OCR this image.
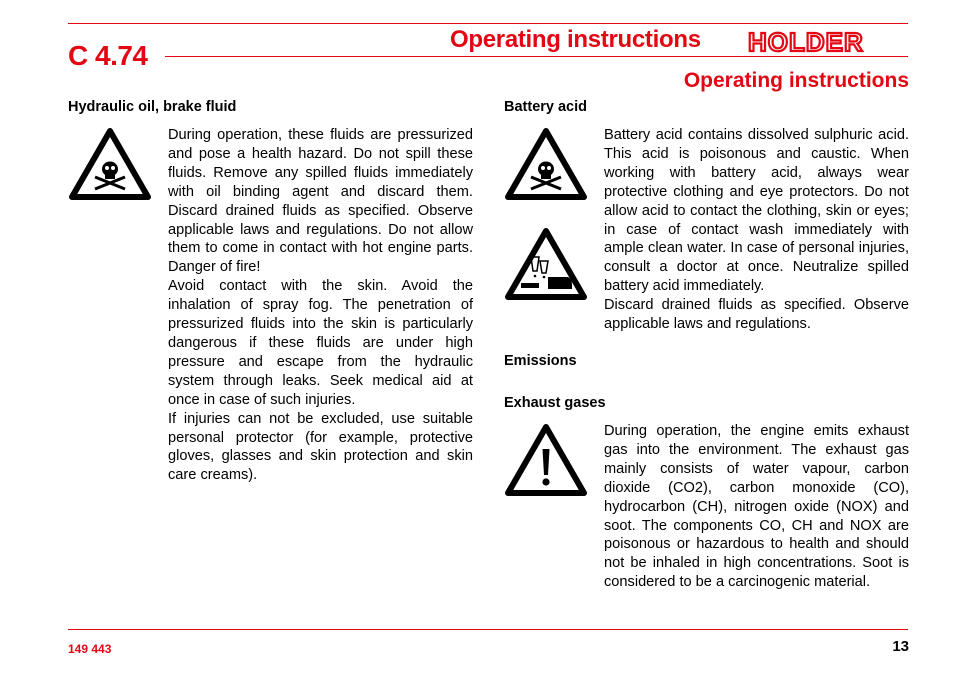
C 4.74
Operating instructions HOLDER
Operating instructions
Hydraulic oil, brake fluid

During operation, these fluids are pressurized and pose a health hazard. Do not spill these fluids. Remove any spilled fluids immediately with oil binding agent and discard them. Discard drained fluids as specified. Observe applicable laws and regulations. Do not allow them to come in contact with hot engine parts. Danger of fire!

Avoid contact with the skin. Avoid the inhalation of spray fog. The penetration of pressurized fluids into the skin is particularly dangerous if these fluids are under high pressure and escape from the hydraulic system through leaks. Seek medical aid at once in case of such injuries.

If injuries can not be excluded, use suitable personal protector (for example, protective gloves, glasses and skin protection and skin care creams).

Battery acid

Battery acid contains dissolved sulphuric acid. This acid is poisonous and caustic. When working with battery acid, always wear protective clothing and eye protectors. Do not allow acid to contact the clothing, skin or eyes; in case of contact wash immediately with ample clean water. In case of personal injuries, consult a doctor at once. Neutralize spilled battery acid immediately.

Discard drained fluids as specified. Observe applicable laws and regulations.

Emissions
Exhaust gases

During operation, the engine emits exhaust gas into the environment. The exhaust gas mainly consists of water vapour, carbon dioxide (CO2), carbon monoxide (CO), hydrocarbon (CH), nitrogen oxide (NOX) and soot. The components CO, CH and NOX are poisonous or hazardous to health and should not be inhaled in high concentrations. Soot is considered to be a carcinogenic material.

149 443	13
